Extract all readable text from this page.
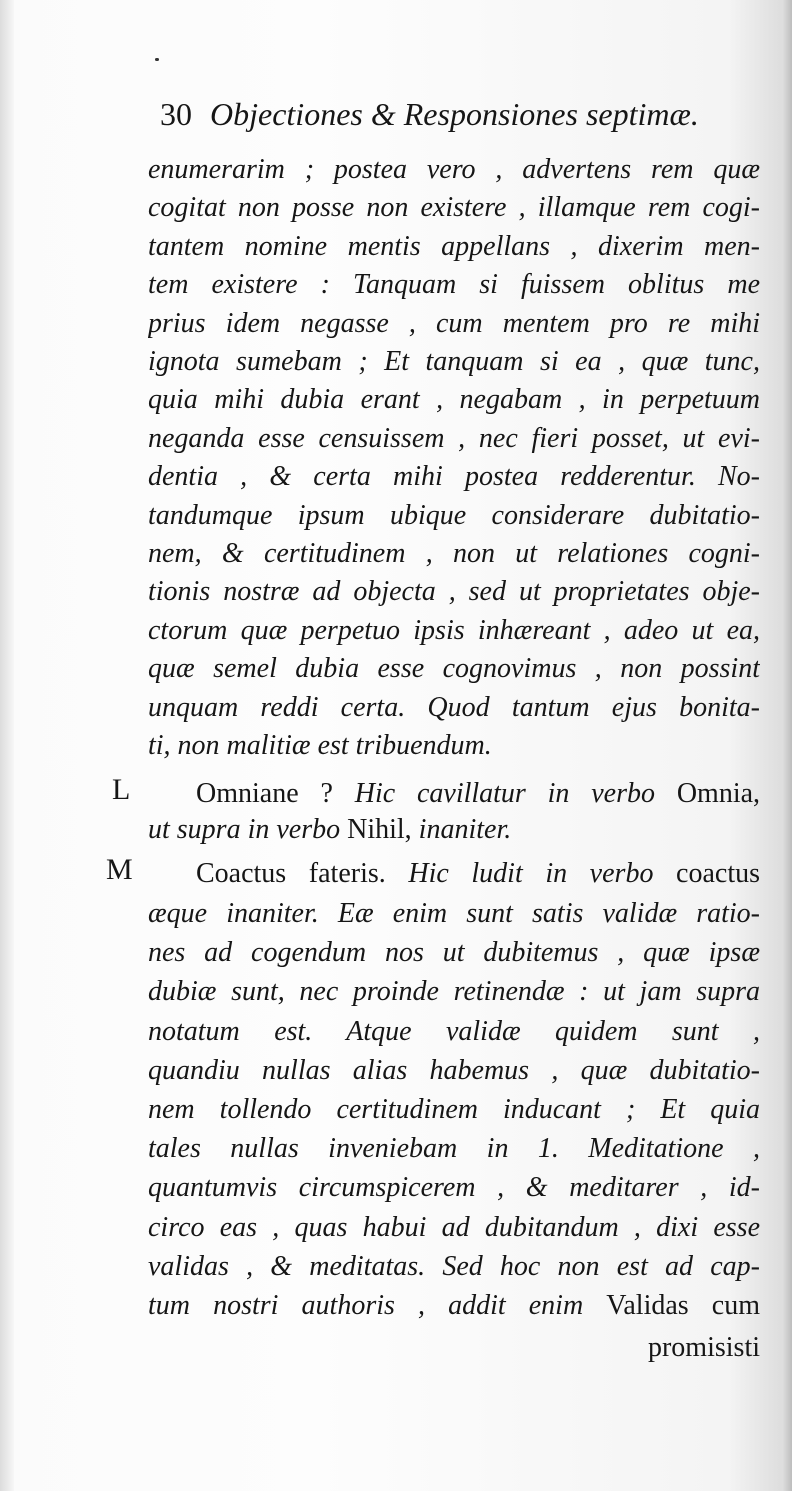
30 Objectiones & Responsiones septimæ.
enumerarim ; postea vero , advertens rem quæ
cogitat non posse non existere , illamque rem cogi-
tantem nomine mentis appellans , dixerim men-
tem existere : Tanquam si fuissem oblitus me
prius idem negasse , cum mentem pro re mihi
ignota sumebam ; Et tanquam si ea , quæ tunc,
quia mihi dubia erant , negabam , in perpetuum
neganda esse censuissem , nec fieri posset, ut evi-
dentia , & certa mihi postea redderentur. No-
tandumque ipsum ubique considerare dubitatio-
nem, & certitudinem , non ut relationes cogni-
tionis nostræ ad objecta , sed ut proprietates obje-
ctorum quæ perpetuo ipsis inhæreant , adeo ut ea,
quæ semel dubia esse cognovimus , non possint
unquam reddi certa. Quod tantum ejus bonita-
ti, non malitiæ est tribuendum.
L Omniane ? Hic cavillatur in verbo Omnia,
ut supra in verbo Nihil, inaniter.
M Coactus fateris. Hic ludit in verbo coactus
æque inaniter. Eæ enim sunt satis validæ ratio-
nes ad cogendum nos ut dubitemus , quæ ipsæ
dubiæ sunt, nec proinde retinendæ : ut jam supra
notatum est. Atque validæ quidem sunt ,
quandiu nullas alias habemus , quæ dubitatio-
nem tollendo certitudinem inducant ; Et quia
tales nullas inveniebam in 1. Meditatione ,
quantumvis circumspicerem , & meditarer , id-
circo eas , quas habui ad dubitandum , dixi esse
validas , & meditatas. Sed hoc non est ad cap-
tum nostri authoris , addit enim Validas cum
promisisti
